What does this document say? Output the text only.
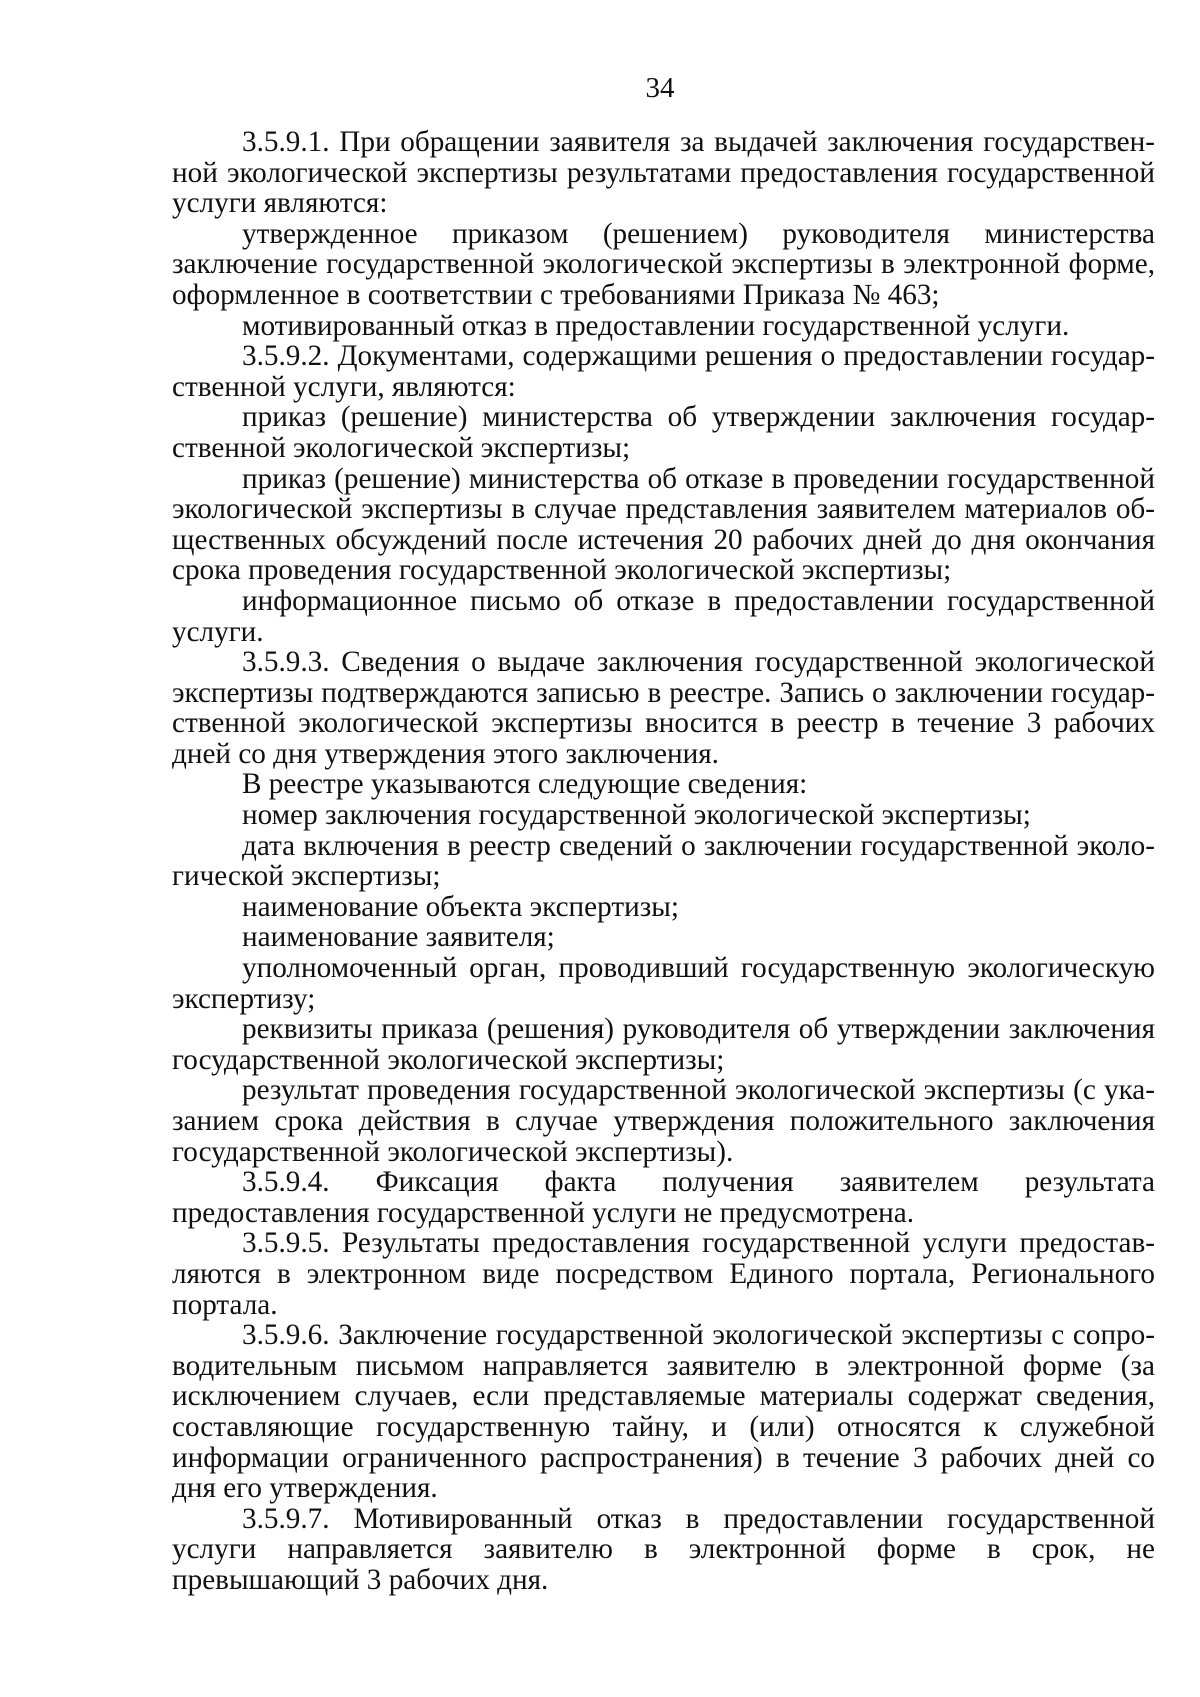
34

3.5.9.1. При обращении заявителя за выдачей заключения государственной экологической экспертизы результатами предоставления государственной услуги являются:

утвержденное приказом (решением) руководителя министерства заключение государственной экологической экспертизы в электронной форме, оформленное в соответствии с требованиями Приказа № 463;

мотивированный отказ в предоставлении государственной услуги.

3.5.9.2. Документами, содержащими решения о предоставлении государственной услуги, являются:

приказ (решение) министерства об утверждении заключения государственной экологической экспертизы;

приказ (решение) министерства об отказе в проведении государственной экологической экспертизы в случае представления заявителем материалов общественных обсуждений после истечения 20 рабочих дней до дня окончания срока проведения государственной экологической экспертизы;

информационное письмо об отказе в предоставлении государственной услуги.

3.5.9.3. Сведения о выдаче заключения государственной экологической экспертизы подтверждаются записью в реестре. Запись о заключении государственной экологической экспертизы вносится в реестр в течение 3 рабочих дней со дня утверждения этого заключения.

В реестре указываются следующие сведения:

номер заключения государственной экологической экспертизы;

дата включения в реестр сведений о заключении государственной экологической экспертизы;

наименование объекта экспертизы;

наименование заявителя;

уполномоченный орган, проводивший государственную экологическую экспертизу;

реквизиты приказа (решения) руководителя об утверждении заключения государственной экологической экспертизы;

результат проведения государственной экологической экспертизы (с указанием срока действия в случае утверждения положительного заключения государственной экологической экспертизы).

3.5.9.4. Фиксация факта получения заявителем результата предоставления государственной услуги не предусмотрена.

3.5.9.5. Результаты предоставления государственной услуги предоставляются в электронном виде посредством Единого портала, Регионального портала.

3.5.9.6. Заключение государственной экологической экспертизы с сопроводительным письмом направляется заявителю в электронной форме (за исключением случаев, если представляемые материалы содержат сведения, составляющие государственную тайну, и (или) относятся к служебной информации ограниченного распространения) в течение 3 рабочих дней со дня его утверждения.

3.5.9.7. Мотивированный отказ в предоставлении государственной услуги направляется заявителю в электронной форме в срок, не превышающий 3 рабочих дня.
